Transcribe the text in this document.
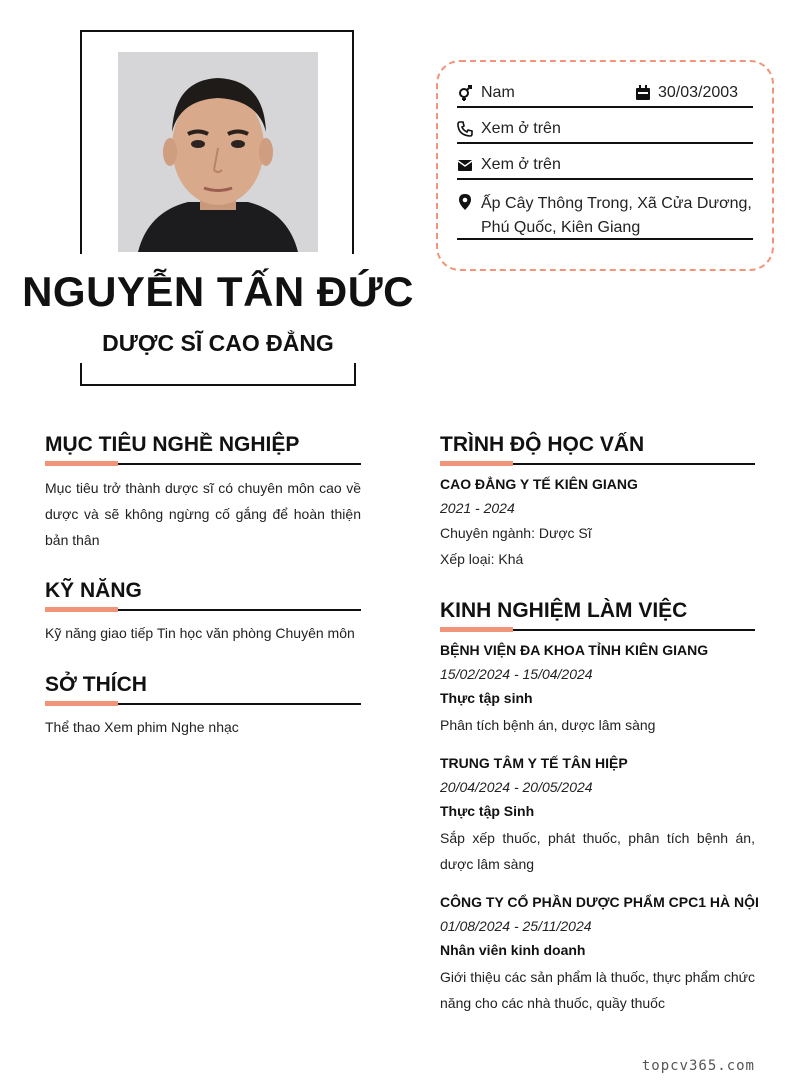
NGUYỄN TẤN ĐỨC
DƯỢC SĨ CAO ĐẲNG
Nam	30/03/2003
Xem ở trên
Xem ở trên
Ấp Cây Thông Trong, Xã Cửa Dương,
Phú Quốc, Kiên Giang
MỤC TIÊU NGHỀ NGHIỆP
Mục tiêu trở thành dược sĩ có chuyên môn cao về dược và sẽ không ngừng cố gắng để hoàn thiện bản thân
KỸ NĂNG
Kỹ năng giao tiếp Tin học văn phòng Chuyên môn
SỞ THÍCH
Thể thao Xem phim Nghe nhạc
TRÌNH ĐỘ HỌC VẤN
CAO ĐẲNG Y TẾ KIÊN GIANG
2021 - 2024
Chuyên ngành: Dược Sĩ
Xếp loại: Khá
KINH NGHIỆM LÀM VIỆC
BỆNH VIỆN ĐA KHOA TỈNH KIÊN GIANG
15/02/2024 - 15/04/2024
Thực tập sinh
Phân tích bệnh án, dược lâm sàng
TRUNG TÂM Y TẾ TÂN HIỆP
20/04/2024 - 20/05/2024
Thực tập Sinh
Sắp xếp thuốc, phát thuốc, phân tích bệnh án, dược lâm sàng
CÔNG TY CỔ PHẦN DƯỢC PHẨM CPC1 HÀ NỘI
01/08/2024 - 25/11/2024
Nhân viên kinh doanh
Giới thiệu các sản phẩm là thuốc, thực phẩm chức năng cho các nhà thuốc, quầy thuốc
topcv365.com
